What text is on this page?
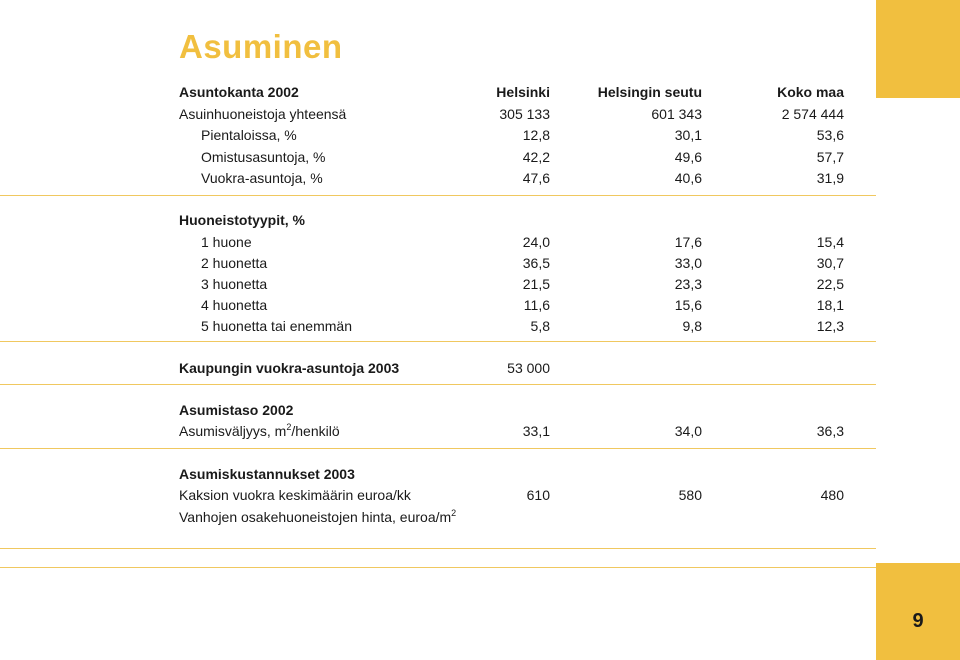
9
Asuminen
Asuntokanta 2002	Helsinki	Helsingin seutu	Koko maa
Asuinhuoneistoja yhteensä	305 133	601 343	2 574 444
Pientaloissa, %	12,8	30,1	53,6
Omistusasuntoja, %	42,2	49,6	57,7
Vuokra-asuntoja, %	47,6	40,6	31,9
Huoneistotyypit, %
1 huone	24,0	17,6	15,4
2 huonetta	36,5	33,0	30,7
3 huonetta	21,5	23,3	22,5
4 huonetta	11,6	15,6	18,1
5 huonetta tai enemmän	5,8	9,8	12,3
Kaupungin vuokra-asuntoja 2003	53 000
Asumistaso 2002
Asumisväljyys, $m^2$/henkilö	33,1	34,0	36,3
Asumiskustannukset 2003
Kaksion vuokra keskimäärin euroa/kk	610	580	480
Vanhojen osakehuoneistojen hinta, euroa/$m^2$
